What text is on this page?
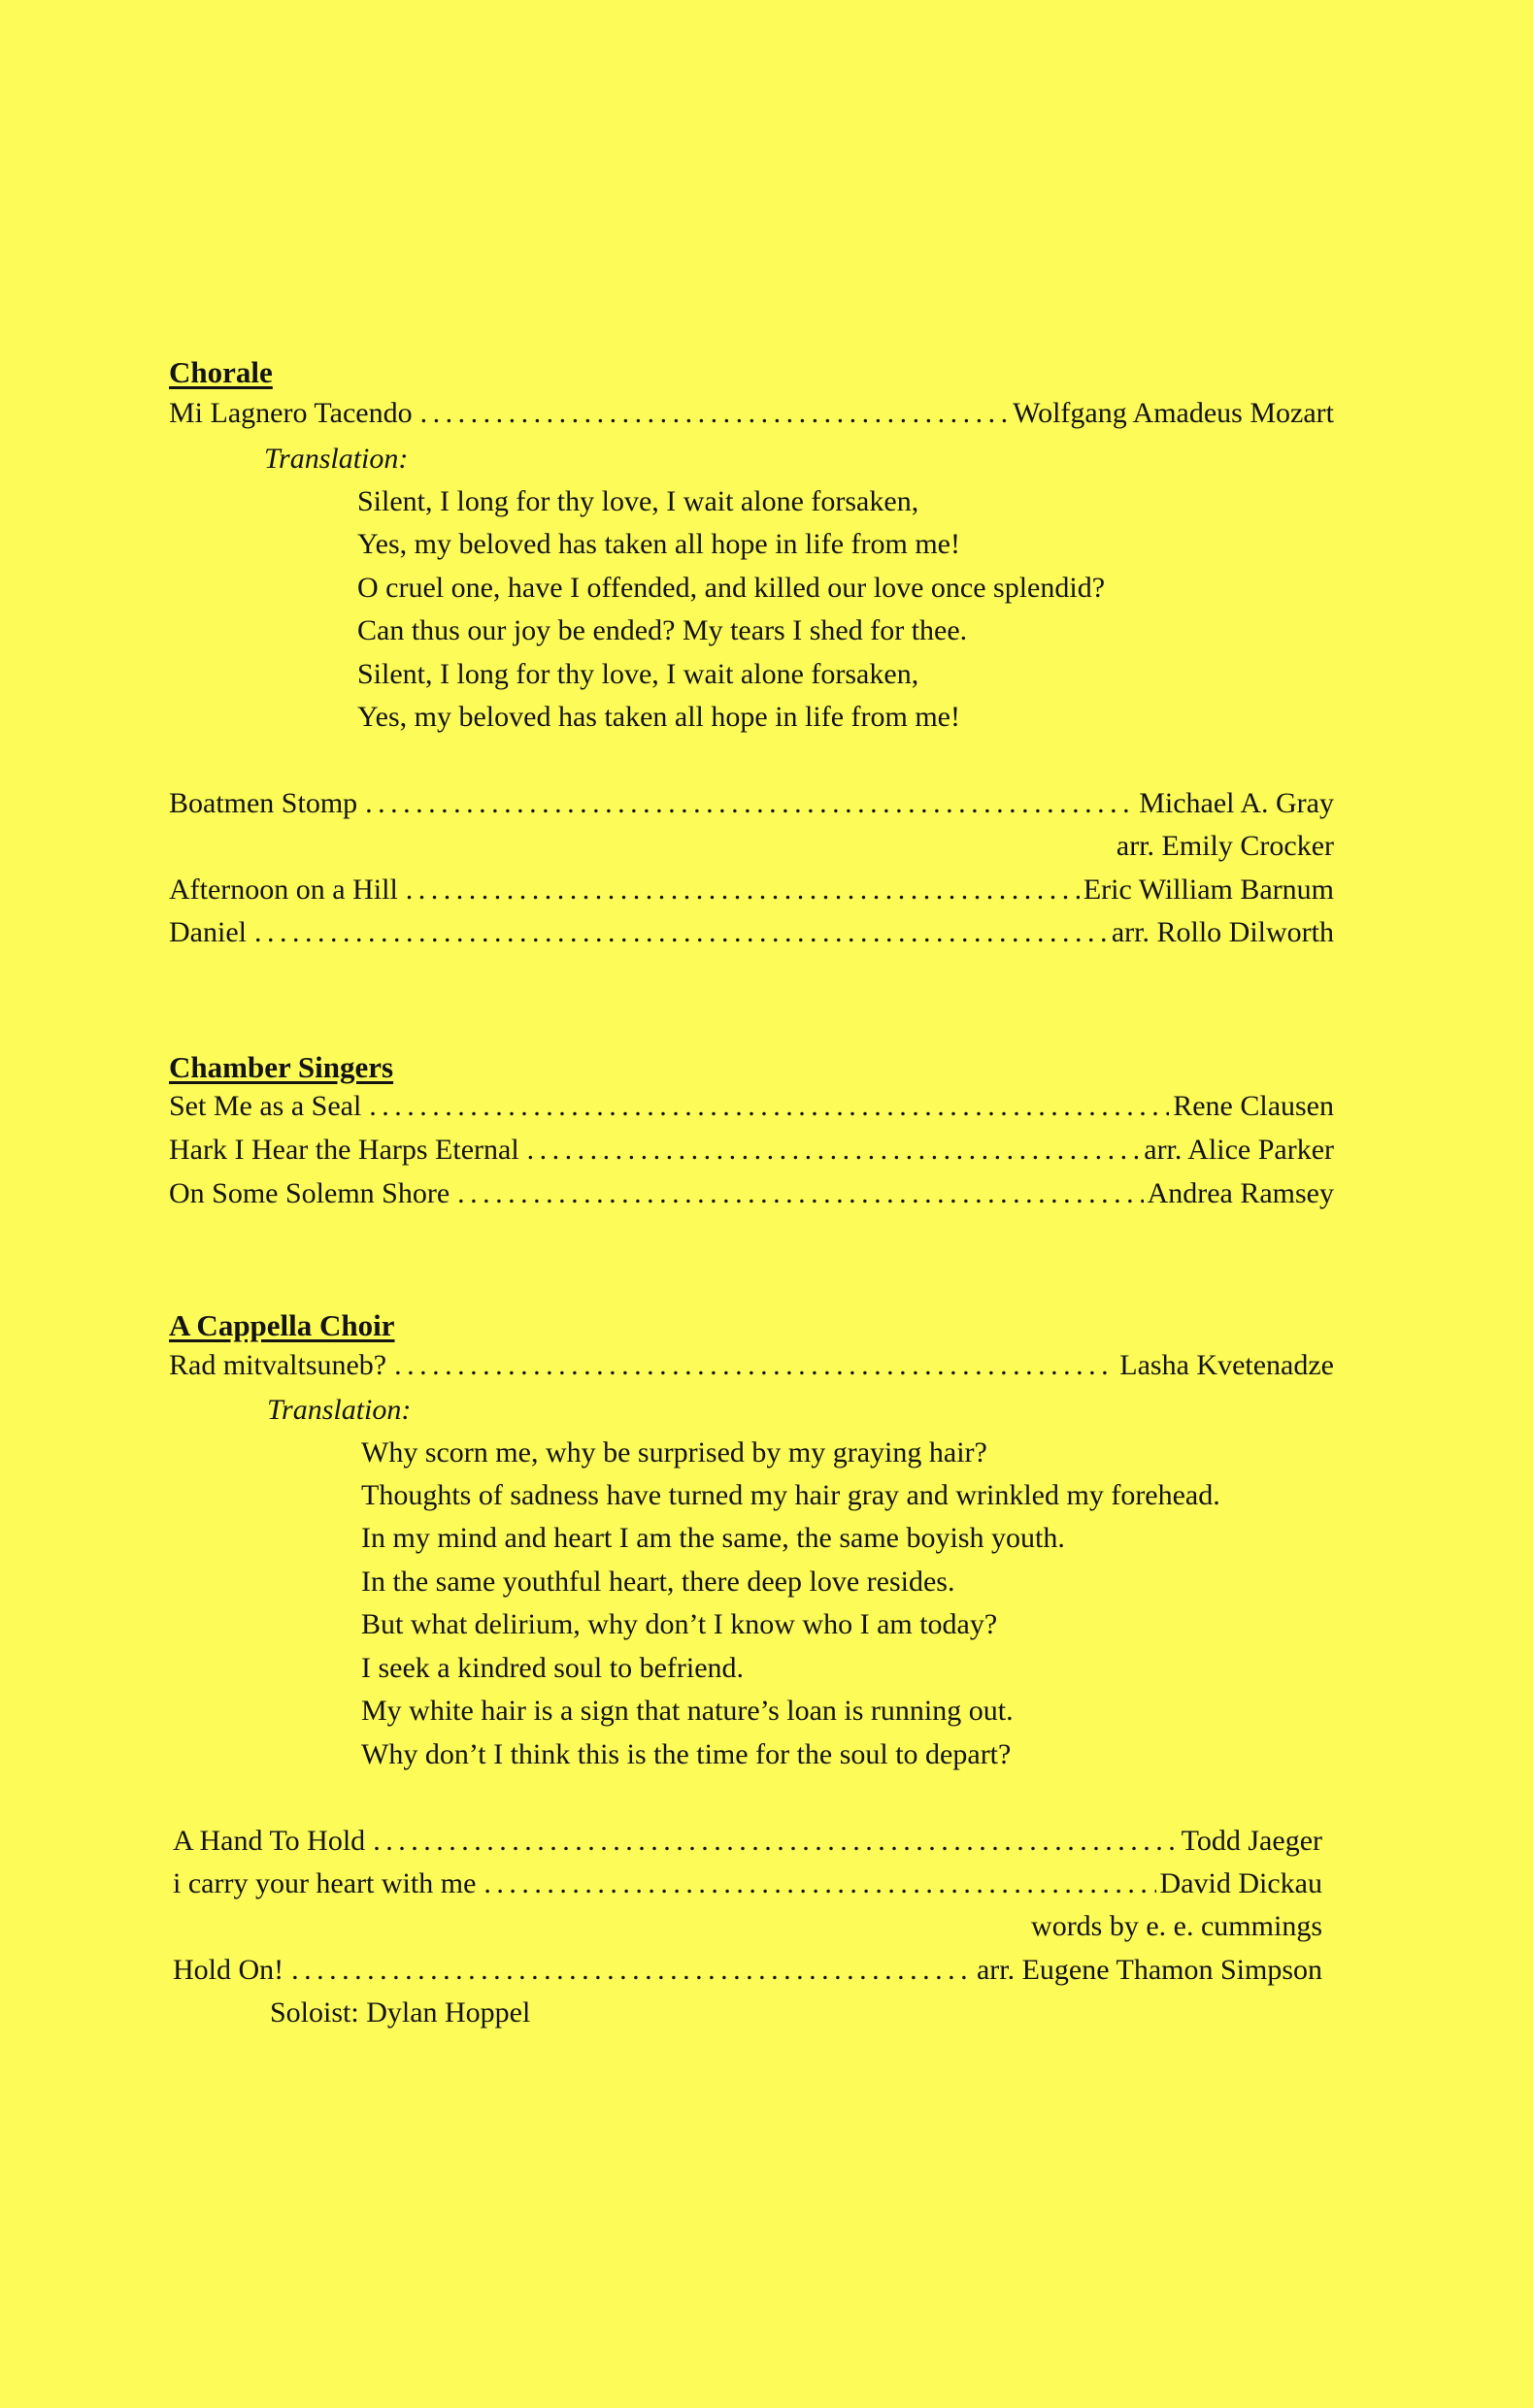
Chorale
Mi Lagnero Tacendo . . .	Wolfgang Amadeus Mozart
Translation:
Silent, I long for thy love, I wait alone forsaken,
Yes, my beloved has taken all hope in life from me!
O cruel one, have I offended, and killed our love once splendid?
Can thus our joy be ended? My tears I shed for thee.
Silent, I long for thy love, I wait alone forsaken,
Yes, my beloved has taken all hope in life from me!
Boatmen Stomp . . .	Michael A. Gray
arr. Emily Crocker
Afternoon on a Hill . . .	Eric William Barnum
Daniel . . .	arr. Rollo Dilworth
Chamber Singers
Set Me as a Seal . . .	Rene Clausen
Hark I Hear the Harps Eternal . . .	arr. Alice Parker
On Some Solemn Shore . . .	Andrea Ramsey
A Cappella Choir
Rad mitvaltsuneb? . . .	Lasha Kvetenadze
Translation:
Why scorn me, why be surprised by my graying hair?
Thoughts of sadness have turned my hair gray and wrinkled my forehead.
In my mind and heart I am the same, the same boyish youth.
In the same youthful heart, there deep love resides.
But what delirium, why don’t I know who I am today?
I seek a kindred soul to befriend.
My white hair is a sign that nature’s loan is running out.
Why don’t I think this is the time for the soul to depart?
A Hand To Hold . . .	Todd Jaeger
i carry your heart with me . . .	David Dickau
words by e. e. cummings
Hold On! . . .	arr. Eugene Thamon Simpson
Soloist: Dylan Hoppel
